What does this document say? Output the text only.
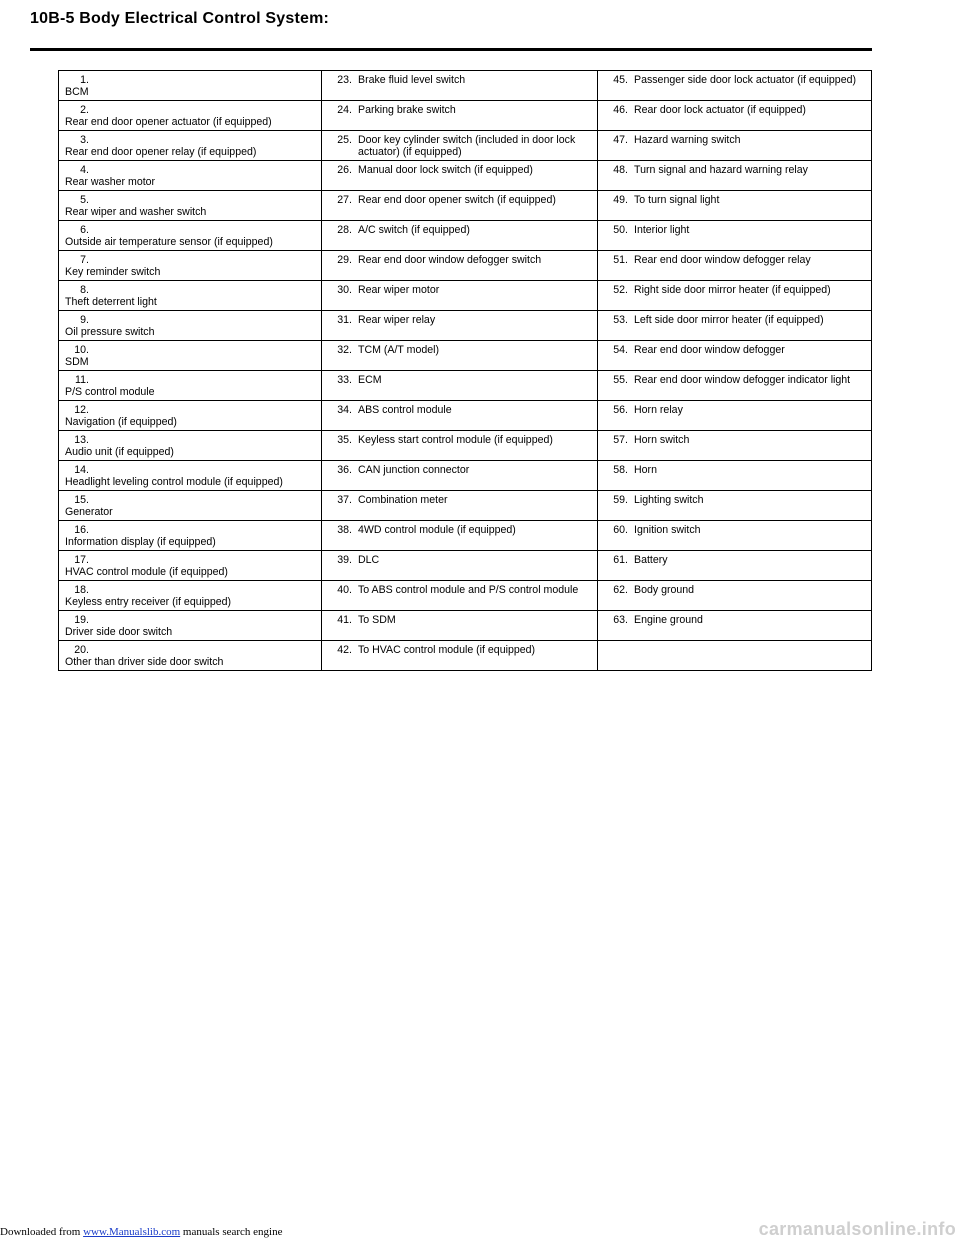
10B-5 Body Electrical Control System:
1.BCM	23. Brake fluid level switch	45. Passenger side door lock actuator (if equipped)
2.Rear end door opener actuator (if equipped)	24. Parking brake switch	46. Rear door lock actuator (if equipped)
3.Rear end door opener relay (if equipped)	25. Door key cylinder switch (included in door lock actuator) (if equipped)	47. Hazard warning switch
4.Rear washer motor	26. Manual door lock switch (if equipped)	48. Turn signal and hazard warning relay
5.Rear wiper and washer switch	27. Rear end door opener switch (if equipped)	49. To turn signal light
6.Outside air temperature sensor (if equipped)	28. A/C switch (if equipped)	50. Interior light
7.Key reminder switch	29. Rear end door window defogger switch	51. Rear end door window defogger relay
8.Theft deterrent light	30. Rear wiper motor	52. Right side door mirror heater (if equipped)
9.Oil pressure switch	31. Rear wiper relay	53. Left side door mirror heater (if equipped)
10.SDM	32. TCM (A/T model)	54. Rear end door window defogger
11.P/S control module	33. ECM	55. Rear end door window defogger indicator light
12.Navigation (if equipped)	34. ABS control module	56. Horn relay
13.Audio unit (if equipped)	35. Keyless start control module (if equipped)	57. Horn switch
14.Headlight leveling control module (if equipped)	36. CAN junction connector	58. Horn
15.Generator	37. Combination meter	59. Lighting switch
16.Information display (if equipped)	38. 4WD control module (if equipped)	60. Ignition switch
17.HVAC control module (if equipped)	39. DLC	61. Battery
18.Keyless entry receiver (if equipped)	40. To ABS control module and P/S control module	62. Body ground
19.Driver side door switch	41. To SDM	63. Engine ground
20.Other than driver side door switch	42. To HVAC control module (if equipped)	
Downloaded from www.Manualslib.com manuals search engine	carmanualsonline.info
